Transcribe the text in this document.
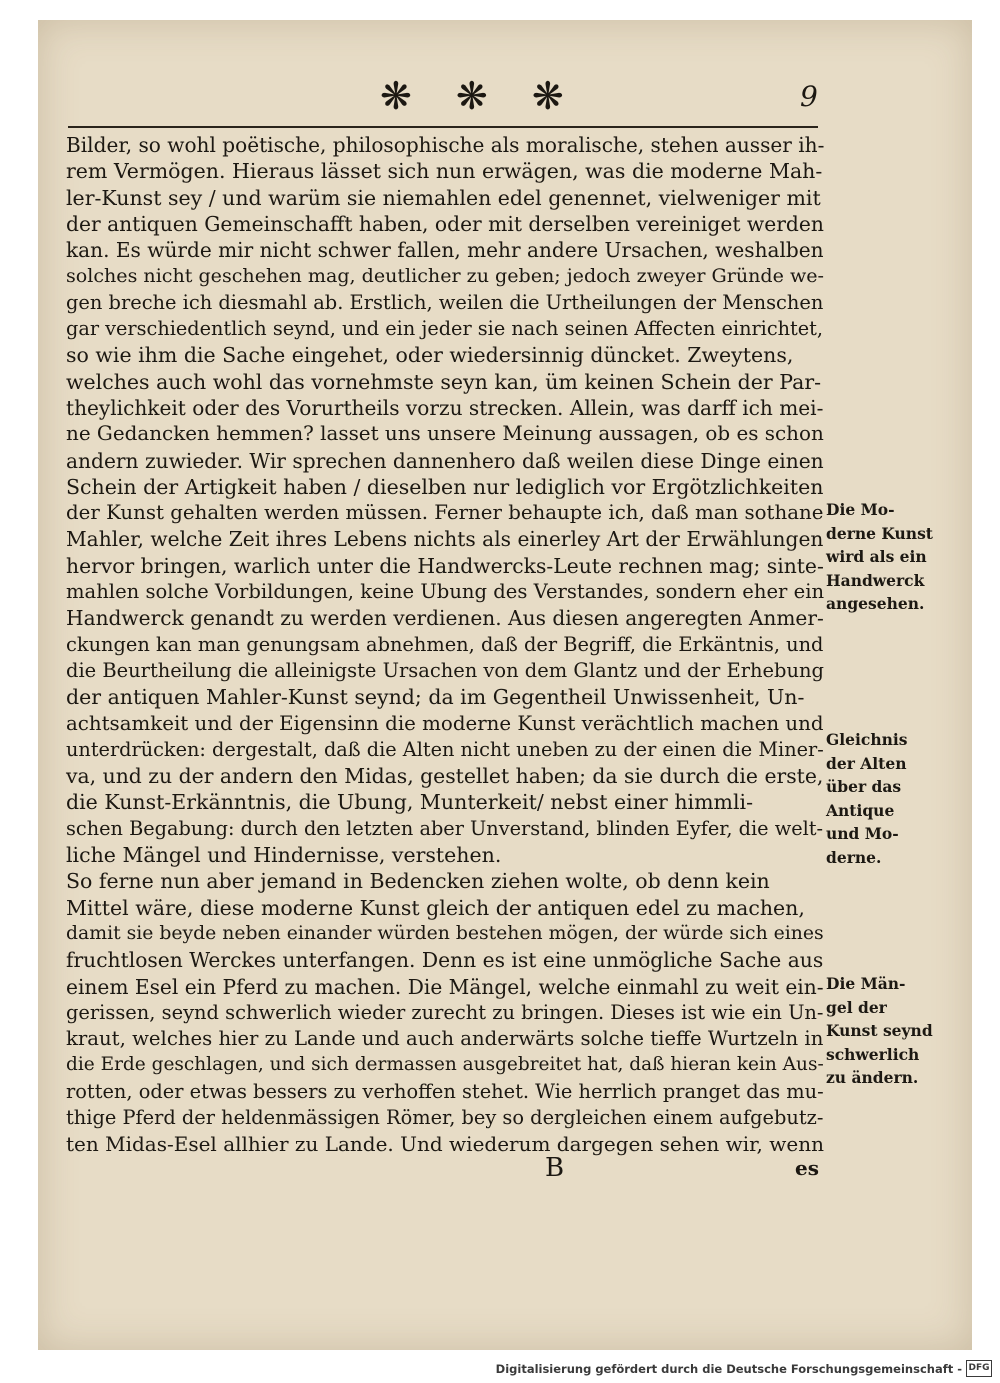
❋ ❋ ❋	9
Bilder, so wohl poëtische, philosophische als moralische, stehen ausser ih-
rem Vermögen. Hieraus lässet sich nun erwägen, was die moderne Mah-
ler-Kunst sey / und warüm sie niemahlen edel genennet, vielweniger mit
der antiquen Gemeinschafft haben, oder mit derselben vereiniget werden
kan. Es würde mir nicht schwer fallen, mehr andere Ursachen, weshalben
solches nicht geschehen mag, deutlicher zu geben; jedoch zweyer Gründe we-
gen breche ich diesmahl ab. Erstlich, weilen die Urtheilungen der Menschen
gar verschiedentlich seynd, und ein jeder sie nach seinen Affecten einrichtet,
so wie ihm die Sache eingehet, oder wiedersinnig düncket. Zweytens,
welches auch wohl das vornehmste seyn kan, üm keinen Schein der Par-
theylichkeit oder des Vorurtheils vorzu strecken. Allein, was darff ich mei-
ne Gedancken hemmen? lasset uns unsere Meinung aussagen, ob es schon
andern zuwieder. Wir sprechen dannenhero daß weilen diese Dinge einen
Schein der Artigkeit haben / dieselben nur lediglich vor Ergötzlichkeiten
der Kunst gehalten werden müssen. Ferner behaupte ich, daß man sothane
Mahler, welche Zeit ihres Lebens nichts als einerley Art der Erwählungen
hervor bringen, warlich unter die Handwercks-Leute rechnen mag; sinte-
mahlen solche Vorbildungen, keine Ubung des Verstandes, sondern eher ein
Handwerck genandt zu werden verdienen. Aus diesen angeregten Anmer-
ckungen kan man genungsam abnehmen, daß der Begriff, die Erkäntnis, und
die Beurtheilung die alleinigste Ursachen von dem Glantz und der Erhebung
der antiquen Mahler-Kunst seynd; da im Gegentheil Unwissenheit, Un-
achtsamkeit und der Eigensinn die moderne Kunst verächtlich machen und
unterdrücken: dergestalt, daß die Alten nicht uneben zu der einen die Miner-
va, und zu der andern den Midas, gestellet haben; da sie durch die erste,
die Kunst-Erkänntnis, die Ubung, Munterkeit/ nebst einer himmli-
schen Begabung: durch den letzten aber Unverstand, blinden Eyfer, die welt-
liche Mängel und Hindernisse, verstehen.
So ferne nun aber jemand in Bedencken ziehen wolte, ob denn kein
Mittel wäre, diese moderne Kunst gleich der antiquen edel zu machen,
damit sie beyde neben einander würden bestehen mögen, der würde sich eines
fruchtlosen Werckes unterfangen. Denn es ist eine unmögliche Sache aus
einem Esel ein Pferd zu machen. Die Mängel, welche einmahl zu weit ein-
gerissen, seynd schwerlich wieder zurecht zu bringen. Dieses ist wie ein Un-
kraut, welches hier zu Lande und auch anderwärts solche tieffe Wurtzeln in
die Erde geschlagen, und sich dermassen ausgebreitet hat, daß hieran kein Aus-
rotten, oder etwas bessers zu verhoffen stehet. Wie herrlich pranget das mu-
thige Pferd der heldenmässigen Römer, bey so dergleichen einem aufgebutz-
ten Midas-Esel allhier zu Lande. Und wiederum dargegen sehen wir, wenn
Die Mo-
derne Kunst
wird als ein
Handwerck
angesehen.
Gleichnis
der Alten
über das
Antique
und Mo-
derne.
Die Män-
gel der
Kunst seynd
schwerlich
zu ändern.
B	es
Digitalisierung gefördert durch die Deutsche Forschungsgemeinschaft - DFG
